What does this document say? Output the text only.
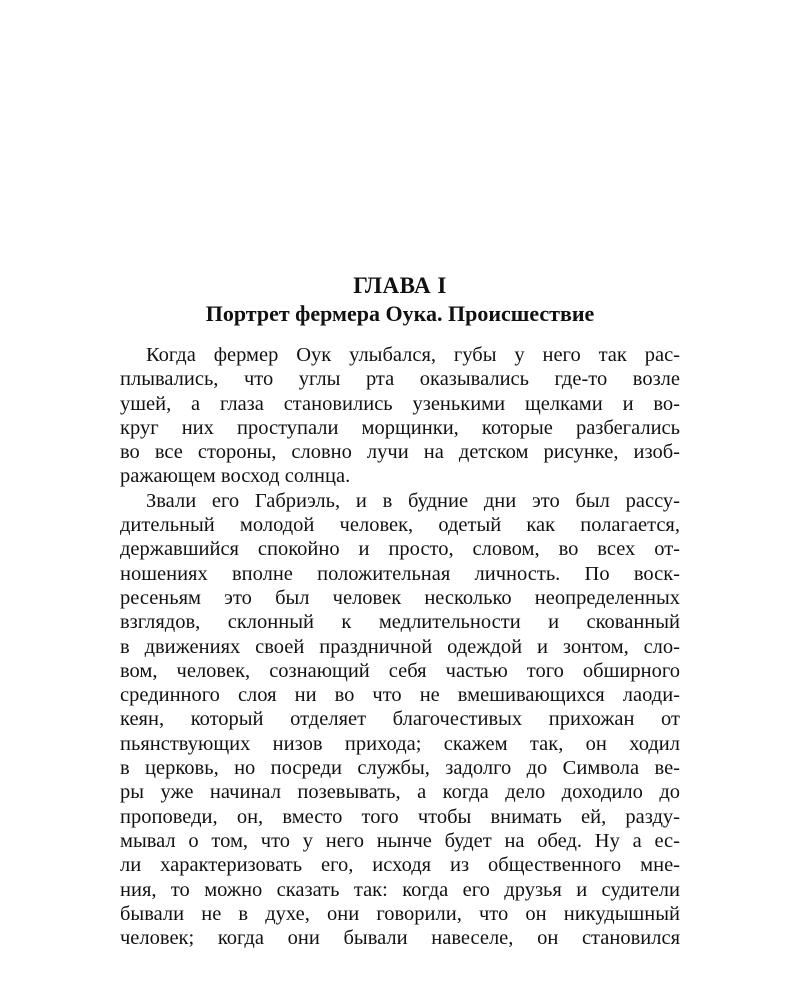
ГЛАВА I
Портрет фермера Оука. Происшествие
Когда фермер Оук улыбался, губы у него так рас-
плывались, что углы рта оказывались где-то возле
ушей, а глаза становились узенькими щелками и во-
круг них проступали морщинки, которые разбегались
во все стороны, словно лучи на детском рисунке, изоб-
ражающем восход солнца.
Звали его Габриэль, и в будние дни это был рассу-
дительный молодой человек, одетый как полагается,
державшийся спокойно и просто, словом, во всех от-
ношениях вполне положительная личность. По воск-
ресеньям это был человек несколько неопределенных
взглядов, склонный к медлительности и скованный
в движениях своей праздничной одеждой и зонтом, сло-
вом, человек, сознающий себя частью того обширного
срединного слоя ни во что не вмешивающихся лаоди-
кеян, который отделяет благочестивых прихожан от
пьянствующих низов прихода; скажем так, он ходил
в церковь, но посреди службы, задолго до Символа ве-
ры уже начинал позевывать, а когда дело доходило до
проповеди, он, вместо того чтобы внимать ей, разду-
мывал о том, что у него нынче будет на обед. Ну а ес-
ли характеризовать его, исходя из общественного мне-
ния, то можно сказать так: когда его друзья и судители
бывали не в духе, они говорили, что он никудышный
человек; когда они бывали навеселе, он становился
